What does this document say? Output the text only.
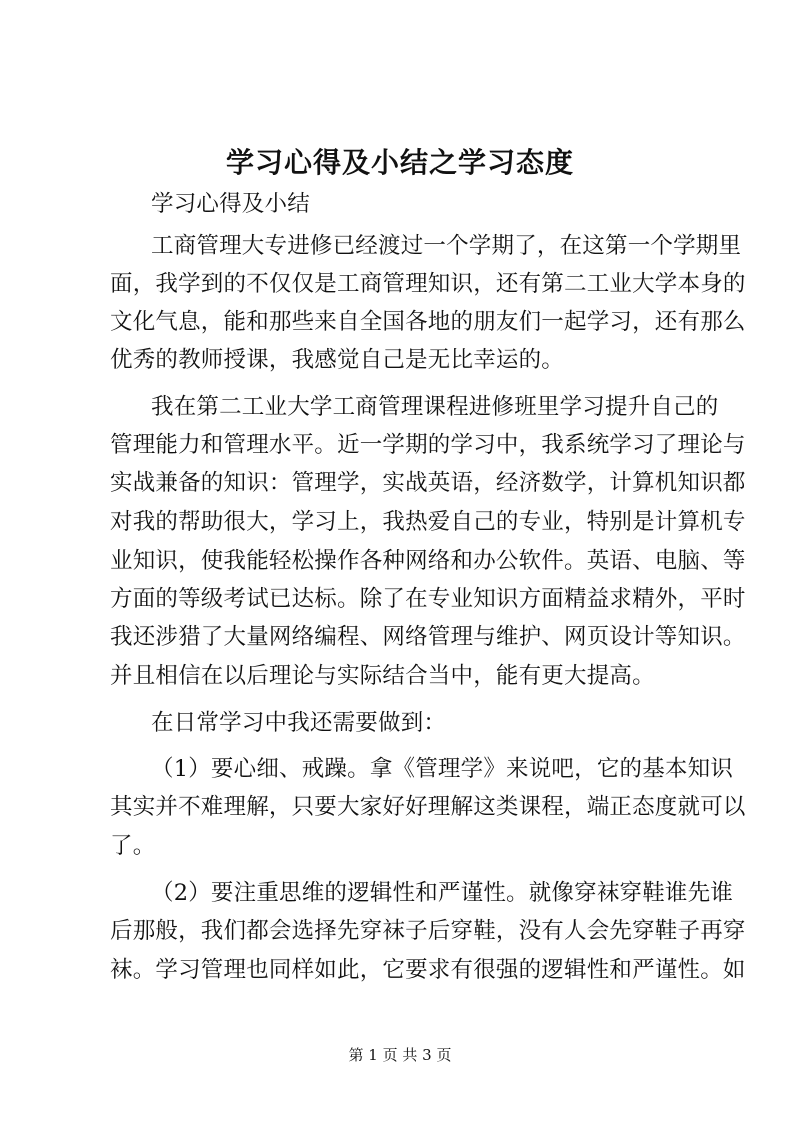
学习心得及小结之学习态度
学习心得及小结
工商管理大专进修已经渡过一个学期了，在这第一个学期里
面，我学到的不仅仅是工商管理知识，还有第二工业大学本身的
文化气息，能和那些来自全国各地的朋友们一起学习，还有那么
优秀的教师授课，我感觉自己是无比幸运的。
我在第二工业大学工商管理课程进修班里学习提升自己的
管理能力和管理水平。近一学期的学习中，我系统学习了理论与
实战兼备的知识：管理学，实战英语，经济数学，计算机知识都
对我的帮助很大，学习上，我热爱自己的专业，特别是计算机专
业知识，使我能轻松操作各种网络和办公软件。英语、电脑、等
方面的等级考试已达标。除了在专业知识方面精益求精外，平时
我还涉猎了大量网络编程、网络管理与维护、网页设计等知识。
并且相信在以后理论与实际结合当中，能有更大提高。
在日常学习中我还需要做到：
（1）要心细、戒躁。拿《管理学》来说吧，它的基本知识
其实并不难理解，只要大家好好理解这类课程，端正态度就可以
了。
（2）要注重思维的逻辑性和严谨性。就像穿袜穿鞋谁先谁
后那般，我们都会选择先穿袜子后穿鞋，没有人会先穿鞋子再穿
袜。学习管理也同样如此，它要求有很强的逻辑性和严谨性。如
第 1 页 共 3 页
